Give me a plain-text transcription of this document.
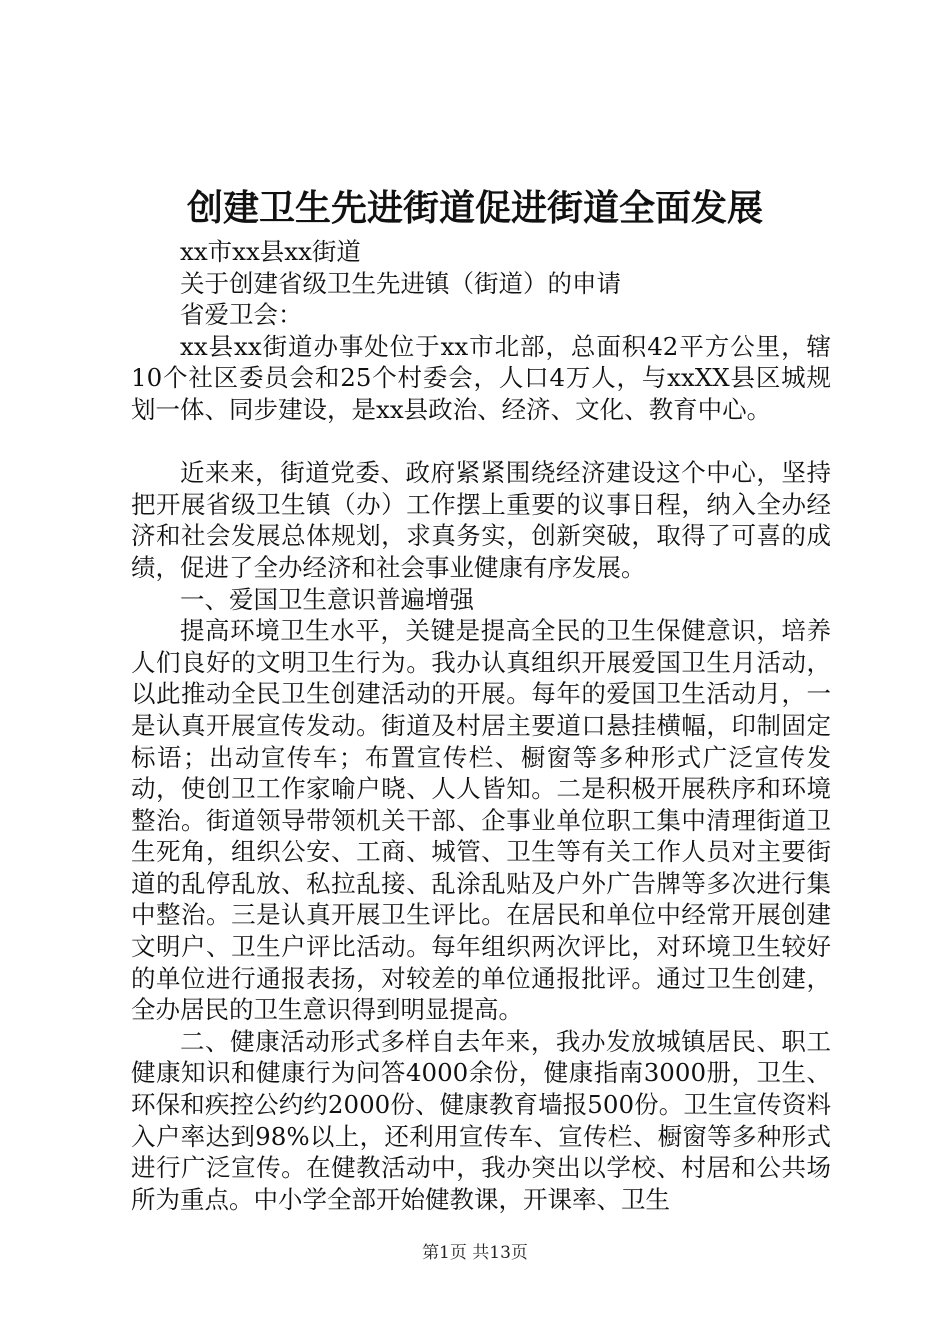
创建卫生先进街道促进街道全面发展

xx市xx县xx街道

关于创建省级卫生先进镇（街道）的申请

省爱卫会：

xx县xx街道办事处位于xx市北部，总面积42平方公里，辖10个社区委员会和25个村委会，人口4万人，与xxXX县区城规划一体、同步建设，是xx县政治、经济、文化、教育中心。

近来来，街道党委、政府紧紧围绕经济建设这个中心，坚持把开展省级卫生镇（办）工作摆上重要的议事日程，纳入全办经济和社会发展总体规划，求真务实，创新突破，取得了可喜的成绩，促进了全办经济和社会事业健康有序发展。

一、爱国卫生意识普遍增强

提高环境卫生水平，关键是提高全民的卫生保健意识，培养人们良好的文明卫生行为。我办认真组织开展爱国卫生月活动，以此推动全民卫生创建活动的开展。每年的爱国卫生活动月，一是认真开展宣传发动。街道及村居主要道口悬挂横幅，印制固定标语；出动宣传车；布置宣传栏、橱窗等多种形式广泛宣传发动，使创卫工作家喻户晓、人人皆知。二是积极开展秩序和环境整治。街道领导带领机关干部、企事业单位职工集中清理街道卫生死角，组织公安、工商、城管、卫生等有关工作人员对主要街道的乱停乱放、私拉乱接、乱涂乱贴及户外广告牌等多次进行集中整治。三是认真开展卫生评比。在居民和单位中经常开展创建文明户、卫生户评比活动。每年组织两次评比，对环境卫生较好的单位进行通报表扬，对较差的单位通报批评。通过卫生创建，全办居民的卫生意识得到明显提高。

二、健康活动形式多样自去年来，我办发放城镇居民、职工健康知识和健康行为问答4000余份，健康指南3000册，卫生、环保和疾控公约约2000份、健康教育墙报500份。卫生宣传资料入户率达到98%以上，还利用宣传车、宣传栏、橱窗等多种形式进行广泛宣传。在健教活动中，我办突出以学校、村居和公共场所为重点。中小学全部开始健教课，开课率、卫生

第1页 共13页
